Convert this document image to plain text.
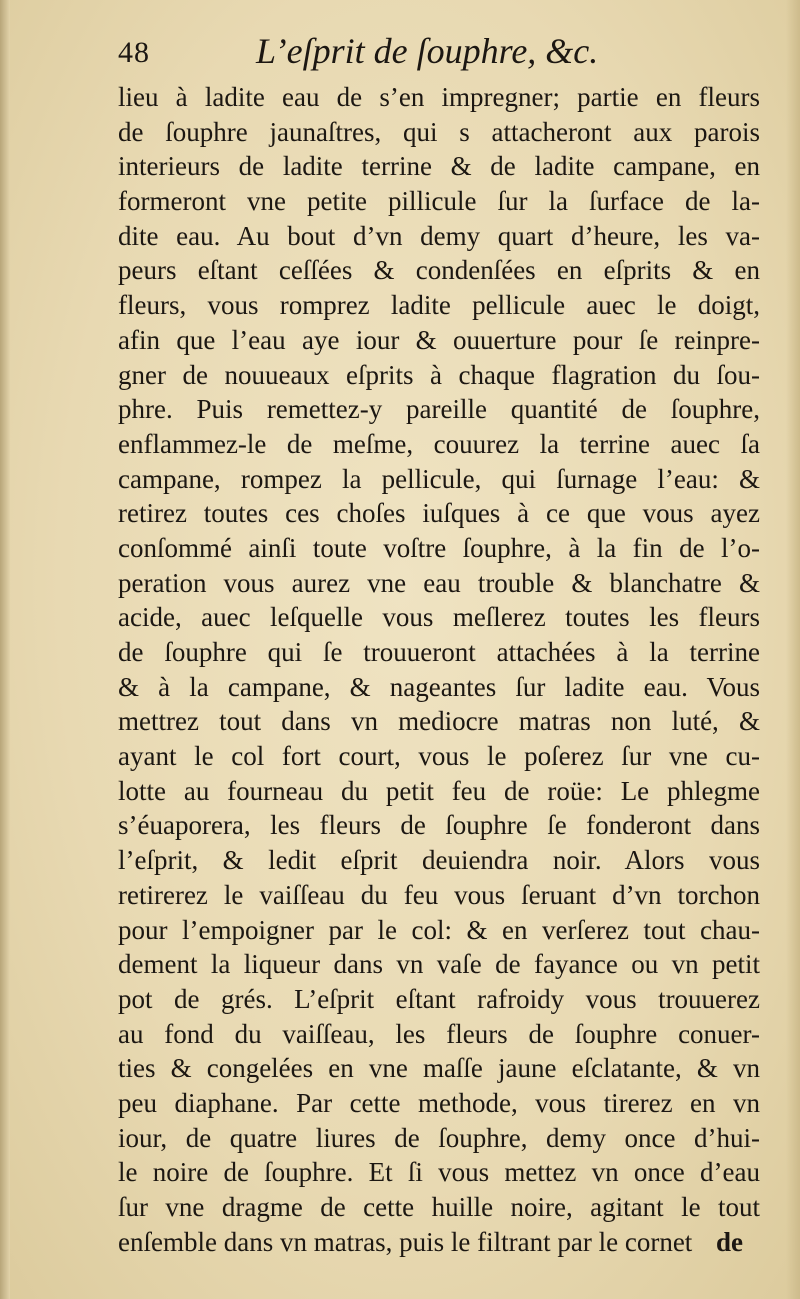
48	L’eſprit de ſouphre, &c.
lieu à ladite eau de s’en impregner; partie en fleurs
de ſouphre jaunaſtres, qui s attacheront aux parois
interieurs de ladite terrine & de ladite campane, en
formeront vne petite pillicule ſur la ſurface de la-
dite eau. Au bout d’vn demy quart d’heure, les va-
peurs eſtant ceſſées & condenſées en eſprits & en
fleurs, vous romprez ladite pellicule auec le doigt,
afin que l’eau aye iour & ouuerture pour ſe reinpre-
gner de nouueaux eſprits à chaque flagration du ſou-
phre. Puis remettez-y pareille quantité de ſouphre,
enflammez-le de meſme, couurez la terrine auec ſa
campane, rompez la pellicule, qui ſurnage l’eau: &
retirez toutes ces choſes iuſques à ce que vous ayez
conſommé ainſi toute voſtre ſouphre, à la fin de l’o-
peration vous aurez vne eau trouble & blanchatre &
acide, auec leſquelle vous meſlerez toutes les fleurs
de ſouphre qui ſe trouueront attachées à la terrine
& à la campane, & nageantes ſur ladite eau. Vous
mettrez tout dans vn mediocre matras non luté, &
ayant le col fort court, vous le poſerez ſur vne cu-
lotte au fourneau du petit feu de roüe: Le phlegme
s’éuaporera, les fleurs de ſouphre ſe fonderont dans
l’eſprit, & ledit eſprit deuiendra noir. Alors vous
retirerez le vaiſſeau du feu vous ſeruant d’vn torchon
pour l’empoigner par le col: & en verſerez tout chau-
dement la liqueur dans vn vaſe de fayance ou vn petit
pot de grés. L’eſprit eſtant rafroidy vous trouuerez
au fond du vaiſſeau, les fleurs de ſouphre conuer-
ties & congelées en vne maſſe jaune eſclatante, & vn
peu diaphane. Par cette methode, vous tirerez en vn
iour, de quatre liures de ſouphre, demy once d’hui-
le noire de ſouphre. Et ſi vous mettez vn once d’eau
ſur vne dragme de cette huille noire, agitant le tout
enſemble dans vn matras, puis le filtrant par le cornet de
